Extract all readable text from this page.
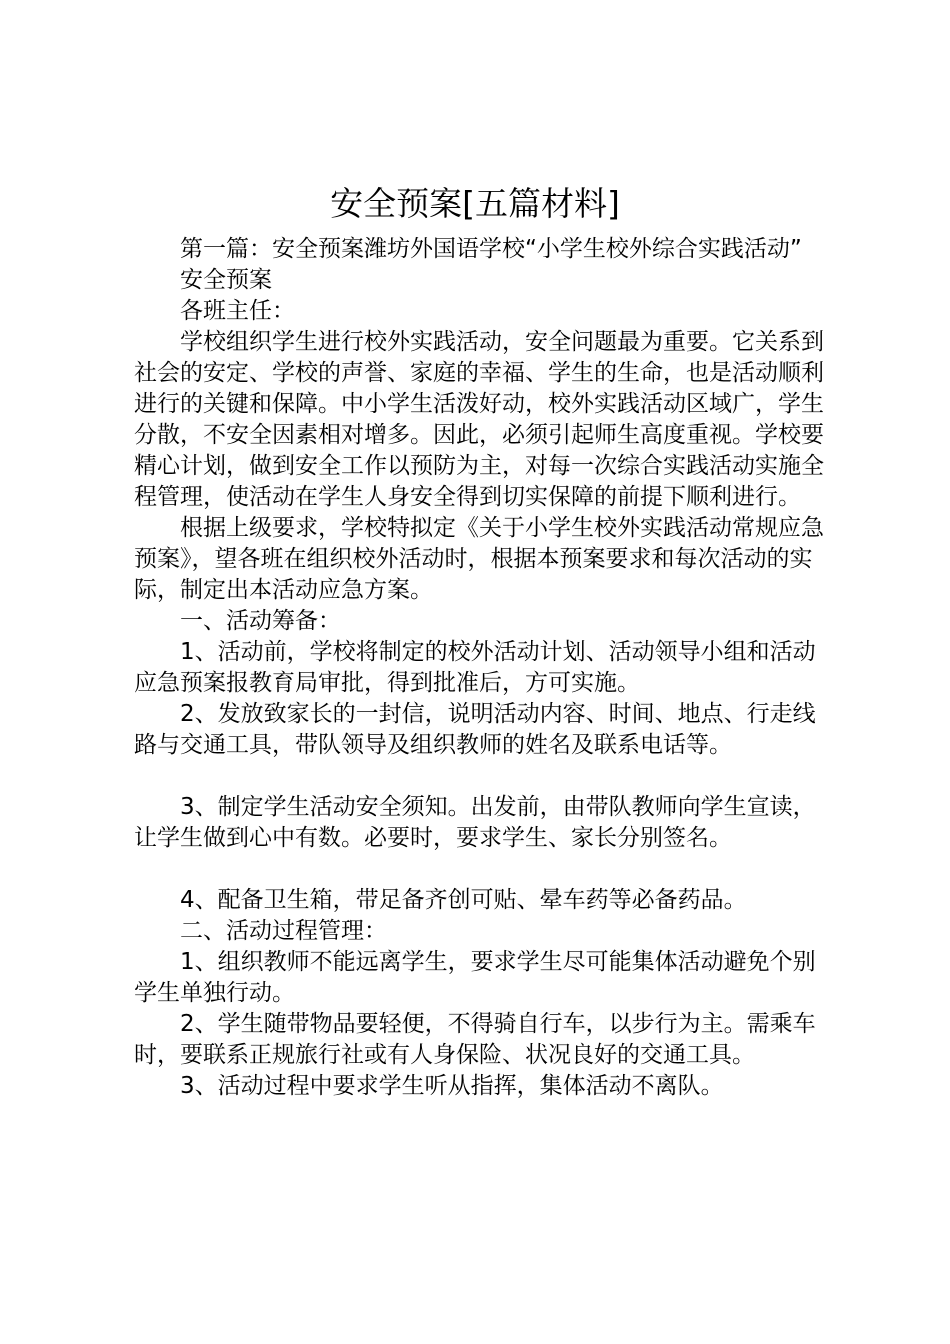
安全预案[五篇材料]

第一篇：安全预案潍坊外国语学校“小学生校外综合实践活动”

安全预案

各班主任：

学校组织学生进行校外实践活动，安全问题最为重要。它关系到社会的安定、学校的声誉、家庭的幸福、学生的生命，也是活动顺利进行的关键和保障。中小学生活泼好动，校外实践活动区域广，学生分散，不安全因素相对增多。因此，必须引起师生高度重视。学校要精心计划，做到安全工作以预防为主，对每一次综合实践活动实施全程管理，使活动在学生人身安全得到切实保障的前提下顺利进行。

根据上级要求，学校特拟定《关于小学生校外实践活动常规应急预案》，望各班在组织校外活动时，根据本预案要求和每次活动的实际，制定出本活动应急方案。

一、活动筹备：

1、活动前，学校将制定的校外活动计划、活动领导小组和活动应急预案报教育局审批，得到批准后，方可实施。

2、发放致家长的一封信，说明活动内容、时间、地点、行走线路与交通工具，带队领导及组织教师的姓名及联系电话等。

3、制定学生活动安全须知。出发前，由带队教师向学生宣读，让学生做到心中有数。必要时，要求学生、家长分别签名。

4、配备卫生箱，带足备齐创可贴、晕车药等必备药品。

二、活动过程管理：

1、组织教师不能远离学生，要求学生尽可能集体活动避免个别学生单独行动。

2、学生随带物品要轻便，不得骑自行车，以步行为主。需乘车时，要联系正规旅行社或有人身保险、状况良好的交通工具。

3、活动过程中要求学生听从指挥，集体活动不离队。
